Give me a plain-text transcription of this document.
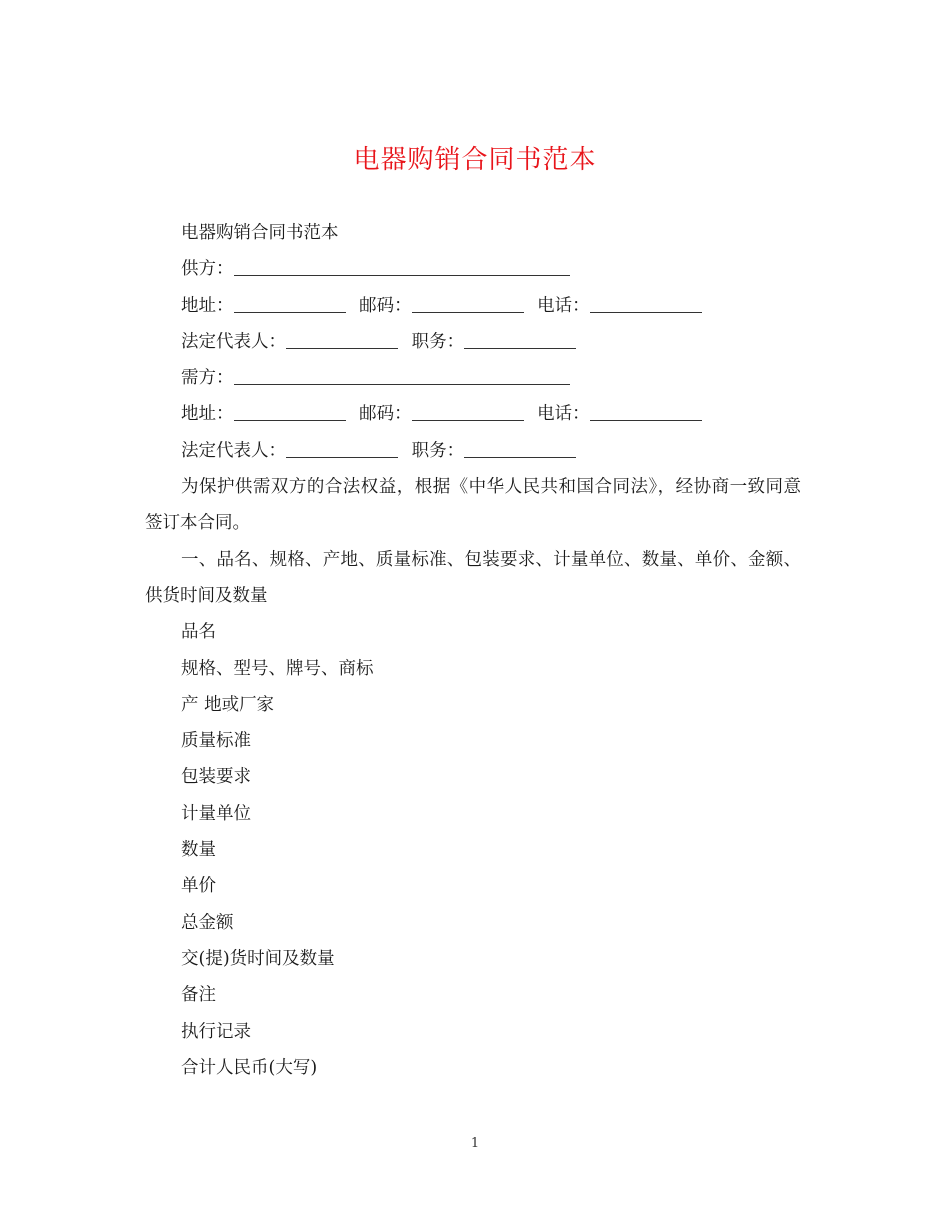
电器购销合同书范本
电器购销合同书范本
供方：
地址：	邮码：	电话：
法定代表人：	职务：
需方：
地址：	邮码：	电话：
法定代表人：	职务：
为保护供需双方的合法权益，根据《中华人民共和国合同法》，经协商一致同意签订本合同。
一、品名、规格、产地、质量标准、包装要求、计量单位、数量、单价、金额、供货时间及数量
品名
规格、型号、牌号、商标
产 地或厂家
质量标准
包装要求
计量单位
数量
单价
总金额
交(提)货时间及数量
备注
执行记录
合计人民币(大写)
1
